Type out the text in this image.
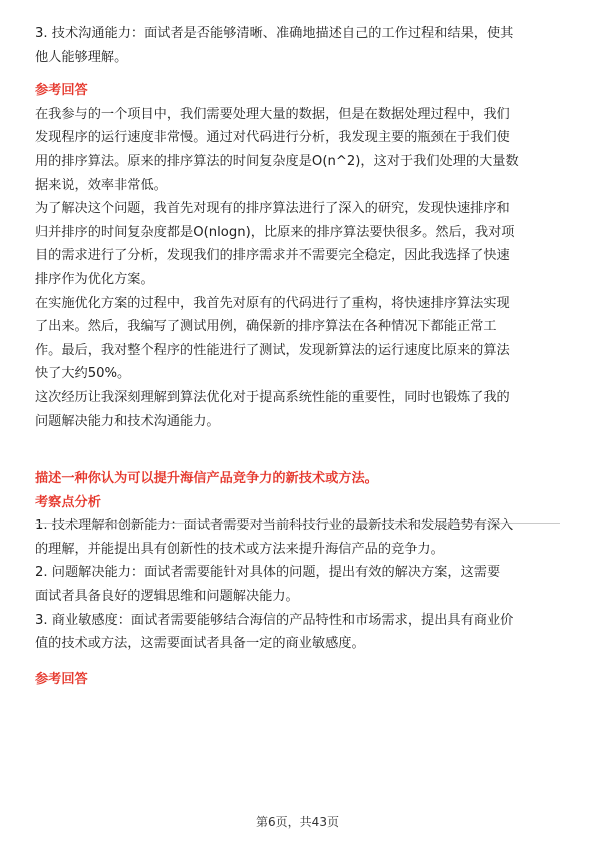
3. 技术沟通能力：面试者是否能够清晰、准确地描述自己的工作过程和结果，使其
他人能够理解。

参考回答

在我参与的一个项目中，我们需要处理大量的数据，但是在数据处理过程中，我们
发现程序的运行速度非常慢。通过对代码进行分析，我发现主要的瓶颈在于我们使
用的排序算法。原来的排序算法的时间复杂度是O(n^2)，这对于我们处理的大量数
据来说，效率非常低。

为了解决这个问题，我首先对现有的排序算法进行了深入的研究，发现快速排序和
归并排序的时间复杂度都是O(nlogn)，比原来的排序算法要快很多。然后，我对项
目的需求进行了分析，发现我们的排序需求并不需要完全稳定，因此我选择了快速
排序作为优化方案。

在实施优化方案的过程中，我首先对原有的代码进行了重构，将快速排序算法实现
了出来。然后，我编写了测试用例，确保新的排序算法在各种情况下都能正常工
作。最后，我对整个程序的性能进行了测试，发现新算法的运行速度比原来的算法
快了大约50%。

这次经历让我深刻理解到算法优化对于提高系统性能的重要性，同时也锻炼了我的
问题解决能力和技术沟通能力。

描述一种你认为可以提升海信产品竞争力的新技术或方法。
考察点分析

1. 技术理解和创新能力：面试者需要对当前科技行业的最新技术和发展趋势有深入
的理解，并能提出具有创新性的技术或方法来提升海信产品的竞争力。

2. 问题解决能力：面试者需要能针对具体的问题，提出有效的解决方案，这需要
面试者具备良好的逻辑思维和问题解决能力。

3. 商业敏感度：面试者需要能够结合海信的产品特性和市场需求，提出具有商业价
值的技术或方法，这需要面试者具备一定的商业敏感度。

参考回答
第6页，共43页
